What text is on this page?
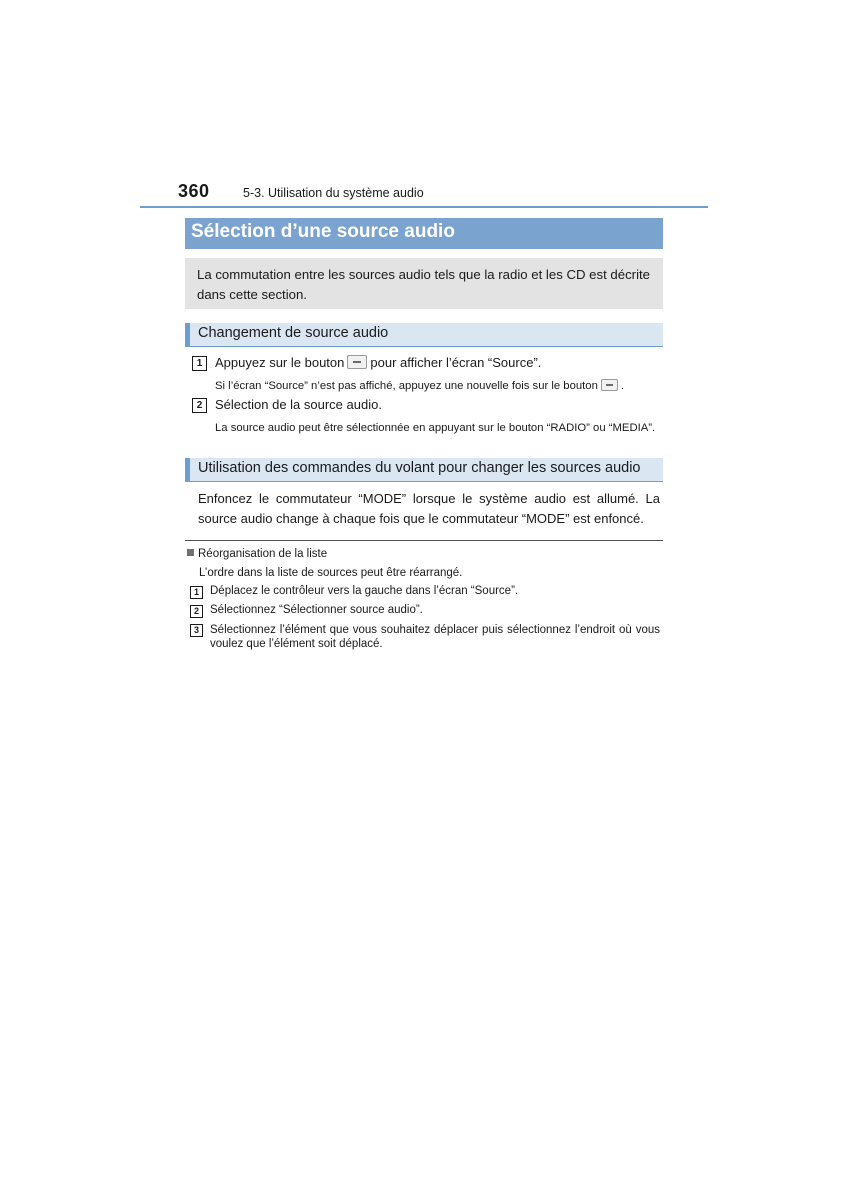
360	5-3. Utilisation du système audio
Sélection d’une source audio
La commutation entre les sources audio tels que la radio et les CD est décrite dans cette section.
Changement de source audio
1 Appuyez sur le bouton pour afficher l’écran “Source”.
Si l’écran “Source” n’est pas affiché, appuyez une nouvelle fois sur le bouton .
2 Sélection de la source audio.
La source audio peut être sélectionnée en appuyant sur le bouton “RADIO” ou “MEDIA”.
Utilisation des commandes du volant pour changer les sources audio
Enfoncez le commutateur “MODE” lorsque le système audio est allumé. La source audio change à chaque fois que le commutateur “MODE” est enfoncé.
Réorganisation de la liste
L’ordre dans la liste de sources peut être réarrangé.
1 Déplacez le contrôleur vers la gauche dans l’écran “Source”.
2 Sélectionnez “Sélectionner source audio”.
3 Sélectionnez l’élément que vous souhaitez déplacer puis sélectionnez l’endroit où vous voulez que l’élément soit déplacé.
